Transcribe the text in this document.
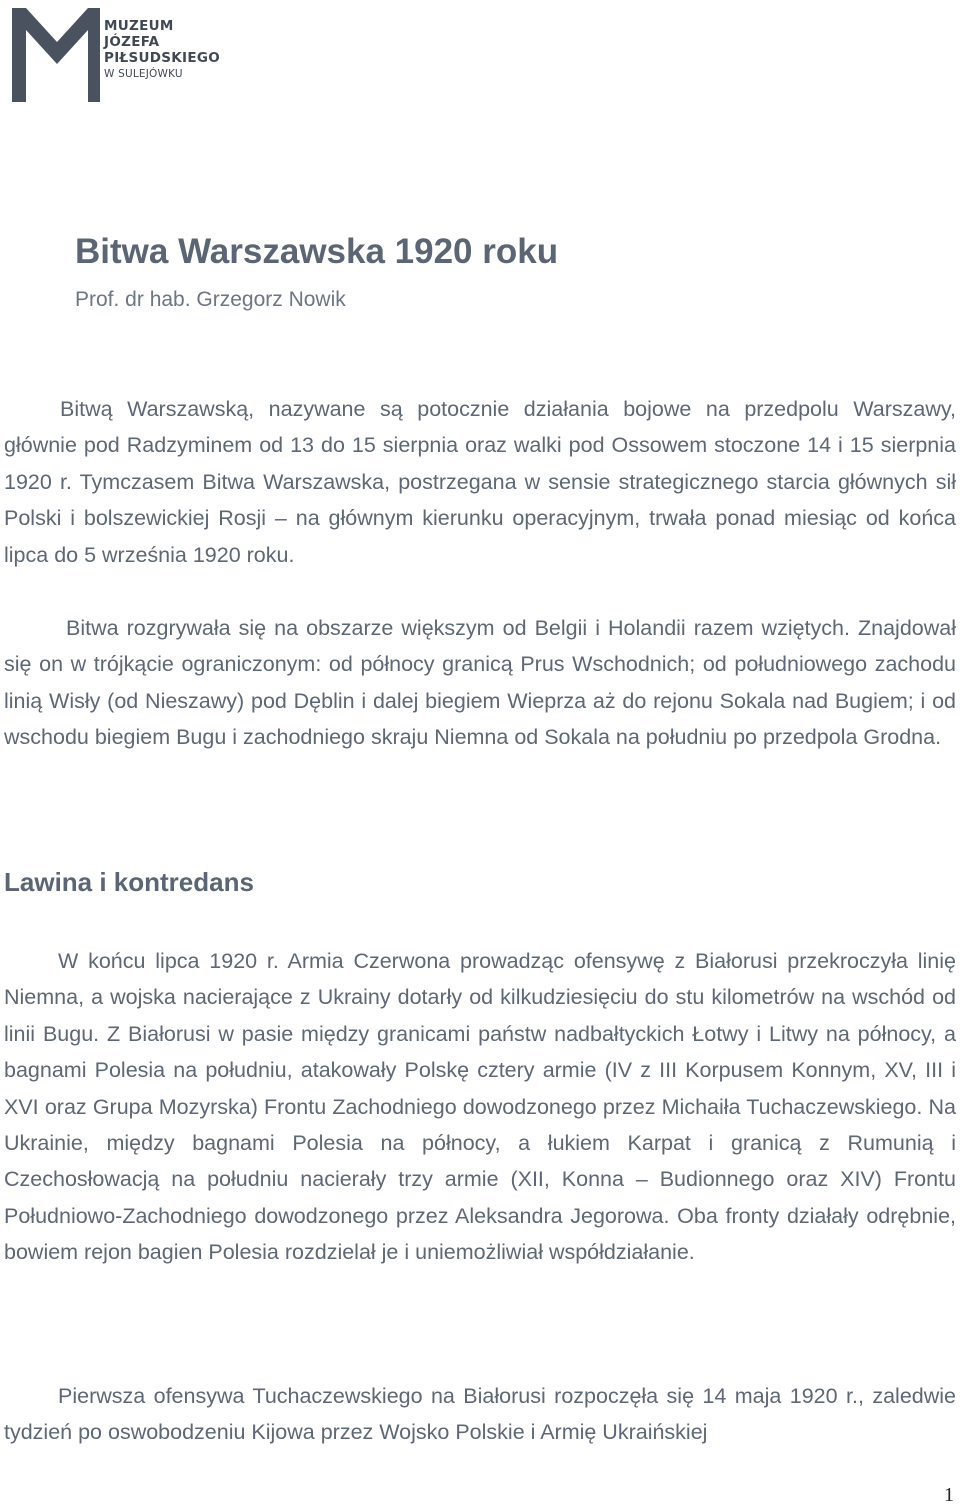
MUZEUM
JÓZEFA
PIŁSUDSKIEGO
W SULEJÓWKU
Bitwa Warszawska 1920 roku
Prof. dr hab. Grzegorz Nowik

Bitwą Warszawską, nazywane są potocznie działania bojowe na przedpolu Warszawy, głównie pod Radzyminem od 13 do 15 sierpnia oraz walki pod Ossowem stoczone 14 i 15 sierpnia 1920 r. Tymczasem Bitwa Warszawska, postrzegana w sensie strategicznego starcia głównych sił Polski i bolszewickiej Rosji – na głównym kierunku operacyjnym, trwała ponad miesiąc od końca lipca do 5 września 1920 roku.

Bitwa rozgrywała się na obszarze większym od Belgii i Holandii razem wziętych. Znajdował się on w trójkącie ograniczonym: od północy granicą Prus Wschodnich; od południowego zachodu linią Wisły (od Nieszawy) pod Dęblin i dalej biegiem Wieprza aż do rejonu Sokala nad Bugiem; i od wschodu biegiem Bugu i zachodniego skraju Niemna od Sokala na południu po przedpola Grodna.

Lawina i kontredans

W końcu lipca 1920 r. Armia Czerwona prowadząc ofensywę z Białorusi przekroczyła linię Niemna, a wojska nacierające z Ukrainy dotarły od kilkudziesięciu do stu kilometrów na wschód od linii Bugu. Z Białorusi w pasie między granicami państw nadbałtyckich Łotwy i Litwy na północy, a bagnami Polesia na południu, atakowały Polskę cztery armie (IV z III Korpusem Konnym, XV, III i XVI oraz Grupa Mozyrska) Frontu Zachodniego dowodzonego przez Michaiła Tuchaczewskiego. Na Ukrainie, między bagnami Polesia na północy, a łukiem Karpat i granicą z Rumunią i Czechosłowacją na południu nacierały trzy armie (XII, Konna – Budionnego oraz XIV) Frontu Południowo-Zachodniego dowodzonego przez Aleksandra Jegorowa. Oba fronty działały odrębnie, bowiem rejon bagien Polesia rozdzielał je i uniemożliwiał współdziałanie.

Pierwsza ofensywa Tuchaczewskiego na Białorusi rozpoczęła się 14 maja 1920 r., zaledwie tydzień po oswobodzeniu Kijowa przez Wojsko Polskie i Armię Ukraińskiej

1
